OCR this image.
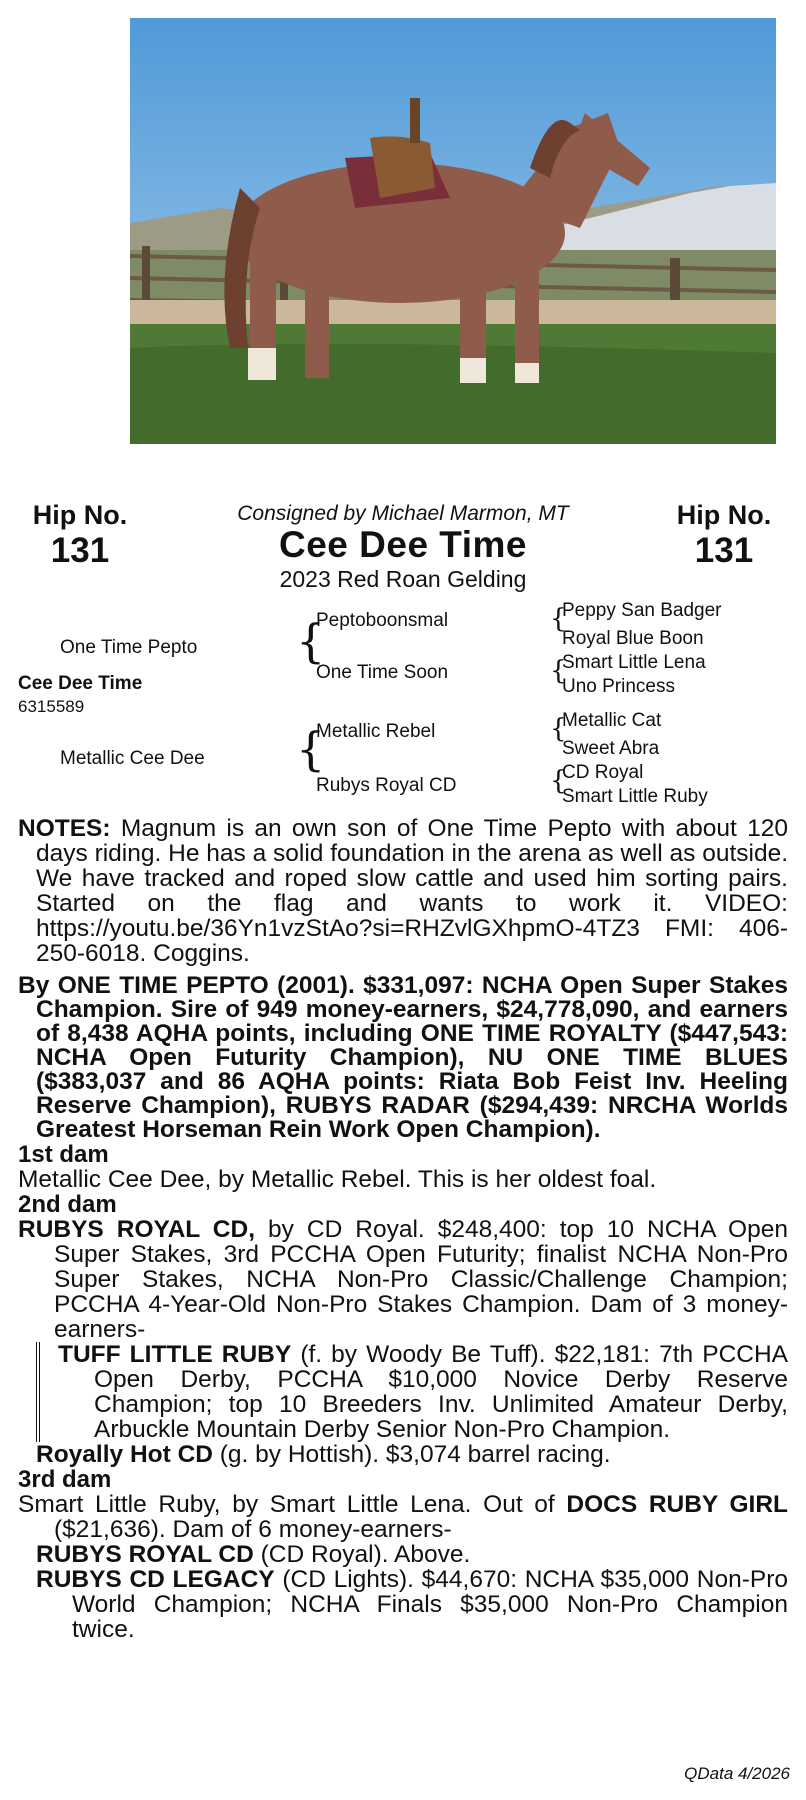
Hip No.
131
Hip No.
131
Consigned by Michael Marmon, MT
Cee Dee Time
2023 Red Roan Gelding
One Time Pepto
Cee Dee Time
6315589
Metallic Cee Dee
{
Peptoboonsmal
One Time Soon
{
Metallic Rebel
Rubys Royal CD
{
Peppy San Badger
Royal Blue Boon
{
Smart Little Lena
Uno Princess
{
Metallic Cat
Sweet Abra
{
CD Royal
Smart Little Ruby

NOTES: Magnum is an own son of One Time Pepto with about 120 days riding. He has a solid foundation in the arena as well as outside. We have tracked and roped slow cattle and used him sorting pairs. Started on the flag and wants to work it. VIDEO: https://youtu.be/36Yn1vzStAo?si=RHZvlGXhpmO-4TZ3 FMI: 406-250-6018. Coggins.

By ONE TIME PEPTO (2001). $331,097: NCHA Open Super Stakes Champion. Sire of 949 money-earners, $24,778,090, and earners of 8,438 AQHA points, including ONE TIME ROYALTY ($447,543: NCHA Open Futurity Champion), NU ONE TIME BLUES ($383,037 and 86 AQHA points: Riata Bob Feist Inv. Heeling Reserve Champion), RUBYS RADAR ($294,439: NRCHA Worlds Greatest Horseman Rein Work Open Champion).

1st dam

Metallic Cee Dee, by Metallic Rebel. This is her oldest foal.

2nd dam

RUBYS ROYAL CD, by CD Royal. $248,400: top 10 NCHA Open Super Stakes, 3rd PCCHA Open Futurity; finalist NCHA Non-Pro Super Stakes, NCHA Non-Pro Classic/Challenge Champion; PCCHA 4-Year-Old Non-Pro Stakes Champion. Dam of 3 money-earners-

TUFF LITTLE RUBY (f. by Woody Be Tuff). $22,181: 7th PCCHA Open Derby, PCCHA $10,000 Novice Derby Reserve Champion; top 10 Breeders Inv. Unlimited Amateur Derby, Arbuckle Mountain Derby Senior Non-Pro Champion.

Royally Hot CD (g. by Hottish). $3,074 barrel racing.

3rd dam

Smart Little Ruby, by Smart Little Lena. Out of DOCS RUBY GIRL ($21,636). Dam of 6 money-earners-

RUBYS ROYAL CD (CD Royal). Above.

RUBYS CD LEGACY (CD Lights). $44,670: NCHA $35,000 Non-Pro World Champion; NCHA Finals $35,000 Non-Pro Champion twice.

QData 4/2026
